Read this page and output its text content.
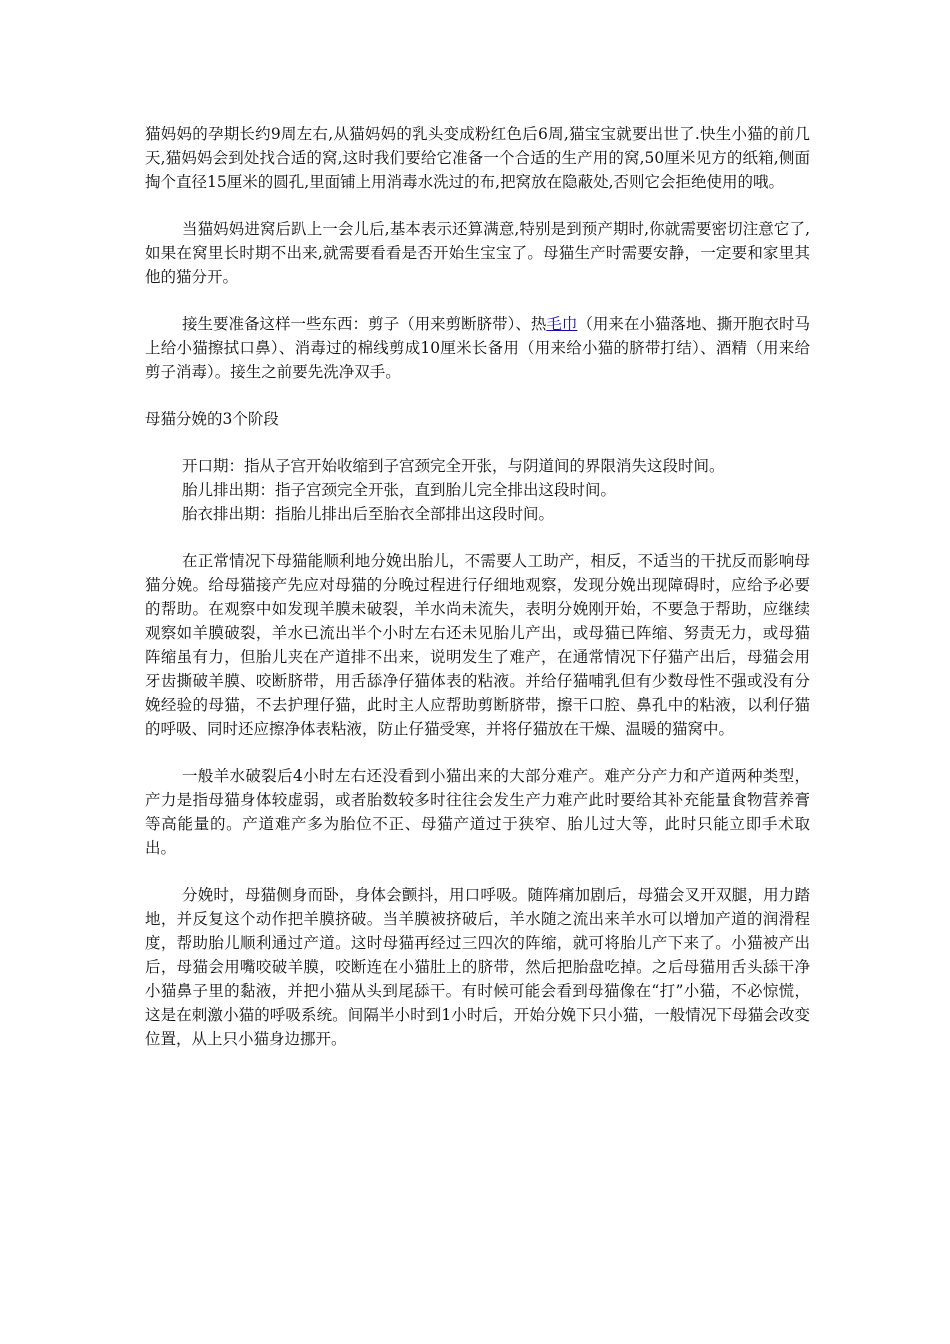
猫妈妈的孕期长约9周左右,从猫妈妈的乳头变成粉红色后6周,猫宝宝就要出世了.快生小猫的前几天,猫妈妈会到处找合适的窝,这时我们要给它准备一个合适的生产用的窝,50厘米见方的纸箱,侧面掏个直径15厘米的圆孔,里面铺上用消毒水洗过的布,把窝放在隐蔽处,否则它会拒绝使用的哦。

当猫妈妈进窝后趴上一会儿后,基本表示还算满意,特别是到预产期时,你就需要密切注意它了,如果在窝里长时期不出来,就需要看看是否开始生宝宝了。母猫生产时需要安静，一定要和家里其他的猫分开。

接生要准备这样一些东西：剪子（用来剪断脐带）、热毛巾（用来在小猫落地、撕开胞衣时马上给小猫擦拭口鼻）、消毒过的棉线剪成10厘米长备用（用来给小猫的脐带打结）、酒精（用来给剪子消毒）。接生之前要先洗净双手。

母猫分娩的3个阶段

开口期：指从子宫开始收缩到子宫颈完全开张，与阴道间的界限消失这段时间。

胎儿排出期：指子宫颈完全开张，直到胎儿完全排出这段时间。

胎衣排出期：指胎儿排出后至胎衣全部排出这段时间。

在正常情况下母猫能顺利地分娩出胎儿，不需要人工助产，相反，不适当的干扰反而影响母猫分娩。给母猫接产先应对母猫的分晚过程进行仔细地观察，发现分娩出现障碍时，应给予必要的帮助。在观察中如发现羊膜未破裂，羊水尚未流失，表明分娩刚开始，不要急于帮助，应继续观察如羊膜破裂，羊水已流出半个小时左右还未见胎儿产出，或母猫已阵缩、努责无力，或母猫阵缩虽有力，但胎儿夹在产道排不出来，说明发生了难产，在通常情况下仔猫产出后，母猫会用牙齿撕破羊膜、咬断脐带，用舌舔净仔猫体表的粘液。并给仔猫哺乳但有少数母性不强或没有分娩经验的母猫，不去护理仔猫，此时主人应帮助剪断脐带，擦干口腔、鼻孔中的粘液，以利仔猫的呼吸、同时还应擦净体表粘液，防止仔猫受寒，并将仔猫放在干燥、温暖的猫窝中。

一般羊水破裂后4小时左右还没看到小猫出来的大部分难产。难产分产力和产道两种类型，产力是指母猫身体较虚弱，或者胎数较多时往往会发生产力难产此时要给其补充能量食物营养膏等高能量的。产道难产多为胎位不正、母猫产道过于狭窄、胎儿过大等，此时只能立即手术取出。

分娩时，母猫侧身而卧，身体会颤抖，用口呼吸。随阵痛加剧后，母猫会叉开双腿，用力踏地，并反复这个动作把羊膜挤破。当羊膜被挤破后，羊水随之流出来羊水可以增加产道的润滑程度，帮助胎儿顺利通过产道。这时母猫再经过三四次的阵缩，就可将胎儿产下来了。小猫被产出后，母猫会用嘴咬破羊膜，咬断连在小猫肚上的脐带，然后把胎盘吃掉。之后母猫用舌头舔干净小猫鼻子里的黏液，并把小猫从头到尾舔干。有时候可能会看到母猫像在“打”小猫，不必惊慌，这是在刺激小猫的呼吸系统。间隔半小时到1小时后，开始分娩下只小猫，一般情况下母猫会改变位置，从上只小猫身边挪开。
